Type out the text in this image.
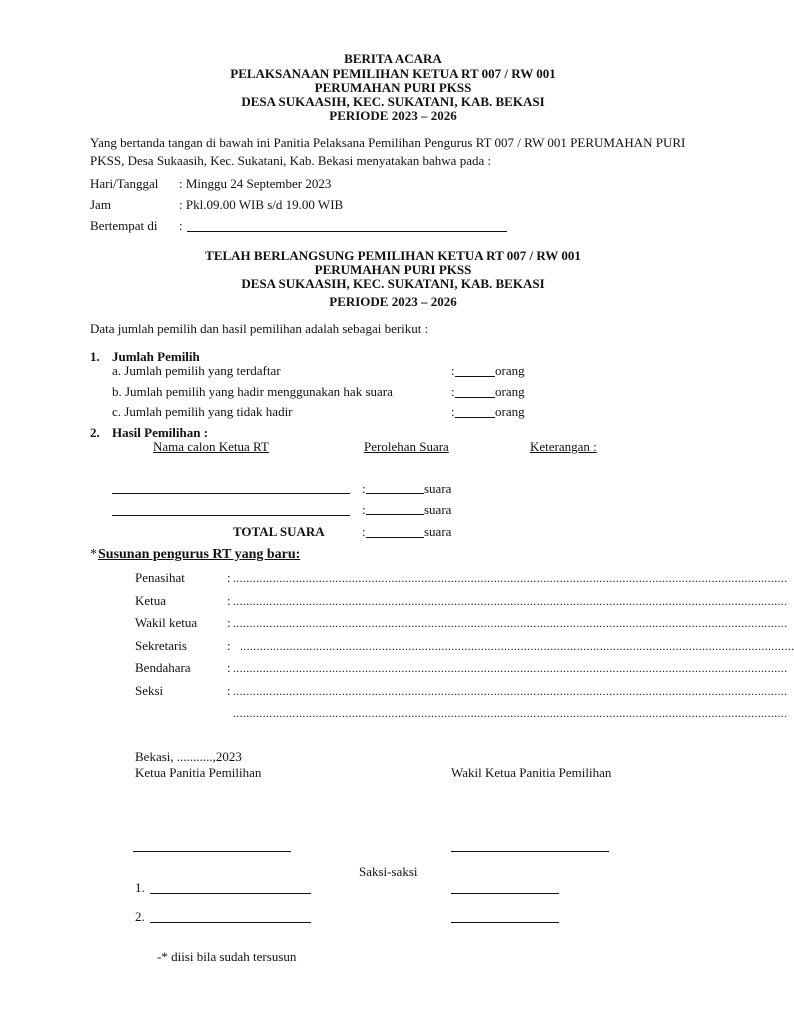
BERITA ACARA
PELAKSANAAN PEMILIHAN KETUA RT 007 / RW 001
PERUMAHAN PURI PKSS
DESA SUKAASIH, KEC. SUKATANI, KAB. BEKASI
PERIODE 2023 – 2026
Yang bertanda tangan di bawah ini Panitia Pelaksana Pemilihan Pengurus RT 007 / RW 001 PERUMAHAN PURI PKSS, Desa Sukaasih, Kec. Sukatani, Kab. Bekasi menyatakan bahwa pada :
Hari/Tanggal : Minggu 24 September 2023
Jam	: Pkl.09.00 WIB s/d 19.00 WIB
Bertempat di :
TELAH BERLANGSUNG PEMILIHAN KETUA RT 007 / RW 001
PERUMAHAN PURI PKSS
DESA SUKAASIH, KEC. SUKATANI, KAB. BEKASI
PERIODE 2023 – 2026
Data jumlah pemilih dan hasil pemilihan adalah sebagai berikut :
1. Jumlah Pemilih
a. Jumlah pemilih yang terdaftar	:	orang
b. Jumlah pemilih yang hadir menggunakan hak suara	:	orang
c. Jumlah pemilih yang tidak hadir	:	orang
2. Hasil Pemilihan :
Nama calon Ketua RT	Perolehan Suara	Keterangan :
:	suara
:	suara
TOTAL SUARA	:	suara
* Susunan pengurus RT yang baru:
Penasihat	: ........................................................................................................................................................................
Ketua	: ........................................................................................................................................................................
Wakil ketua : ........................................................................................................................................................................
Sekretaris	: ........................................................................................................................................................................
Bendahara	: ........................................................................................................................................................................
Seksi	: ........................................................................................................................................................................
........................................................................................................................................................................
Bekasi, ...........,2023
Ketua Panitia Pemilihan	Wakil Ketua Panitia Pemilihan
Saksi-saksi
1.
2.
-* diisi bila sudah tersusun
